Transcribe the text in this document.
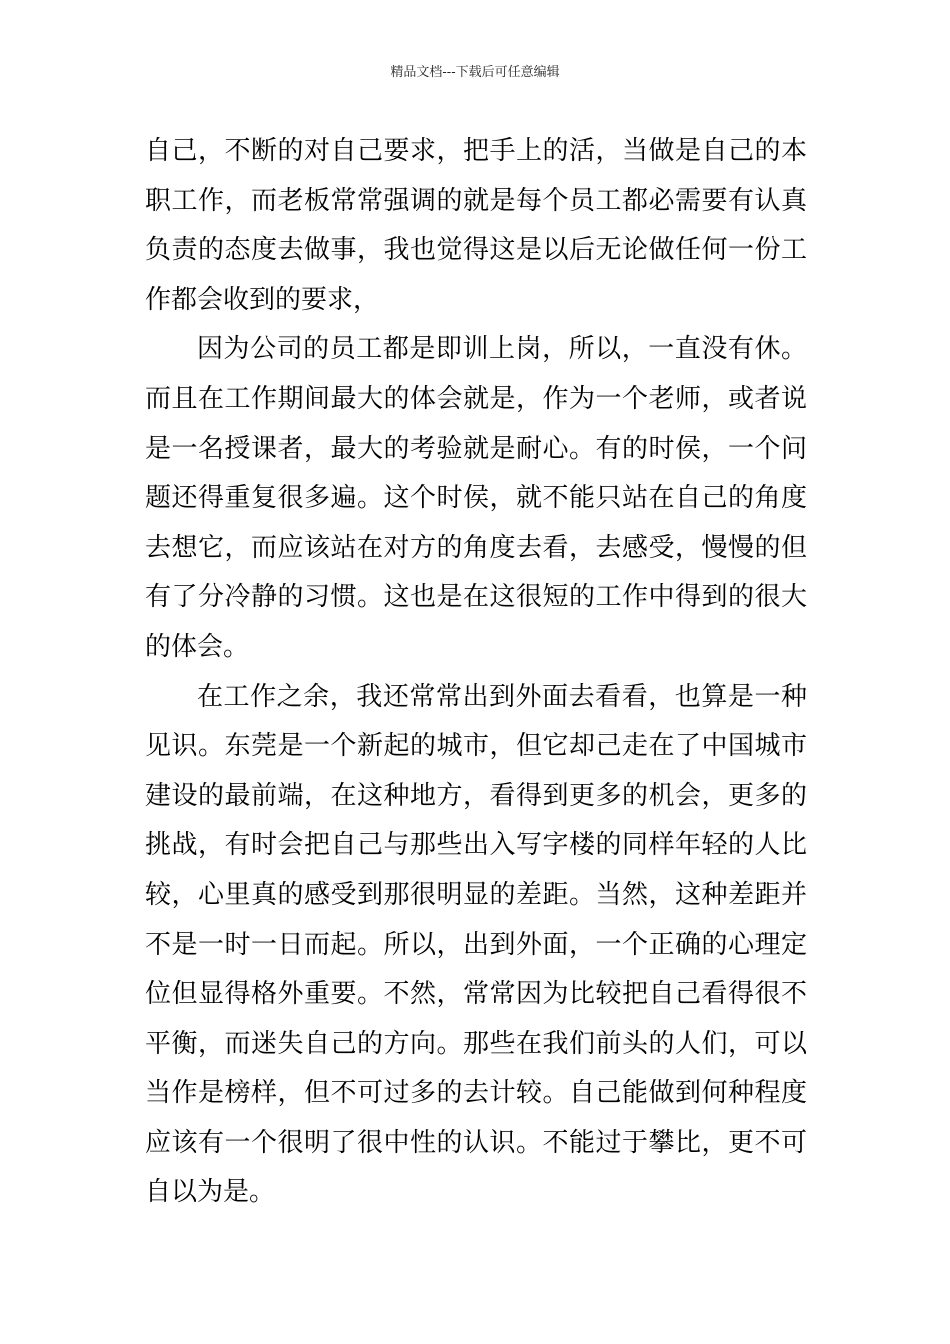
精品文档---下载后可任意编辑
自己，不断的对自己要求，把手上的活，当做是自己的本
职工作，而老板常常强调的就是每个员工都必需要有认真
负责的态度去做事，我也觉得这是以后无论做任何一份工
作都会收到的要求，
因为公司的员工都是即训上岗，所以，一直没有休。
而且在工作期间最大的体会就是，作为一个老师，或者说
是一名授课者，最大的考验就是耐心。有的时侯，一个问
题还得重复很多遍。这个时侯，就不能只站在自己的角度
去想它，而应该站在对方的角度去看，去感受，慢慢的但
有了分冷静的习惯。这也是在这很短的工作中得到的很大
的体会。
在工作之余，我还常常出到外面去看看，也算是一种
见识。东莞是一个新起的城市，但它却己走在了中国城市
建设的最前端，在这种地方，看得到更多的机会，更多的
挑战，有时会把自己与那些出入写字楼的同样年轻的人比
较，心里真的感受到那很明显的差距。当然，这种差距并
不是一时一日而起。所以，出到外面，一个正确的心理定
位但显得格外重要。不然，常常因为比较把自己看得很不
平衡，而迷失自己的方向。那些在我们前头的人们，可以
当作是榜样，但不可过多的去计较。自己能做到何种程度
应该有一个很明了很中性的认识。不能过于攀比，更不可
自以为是。
